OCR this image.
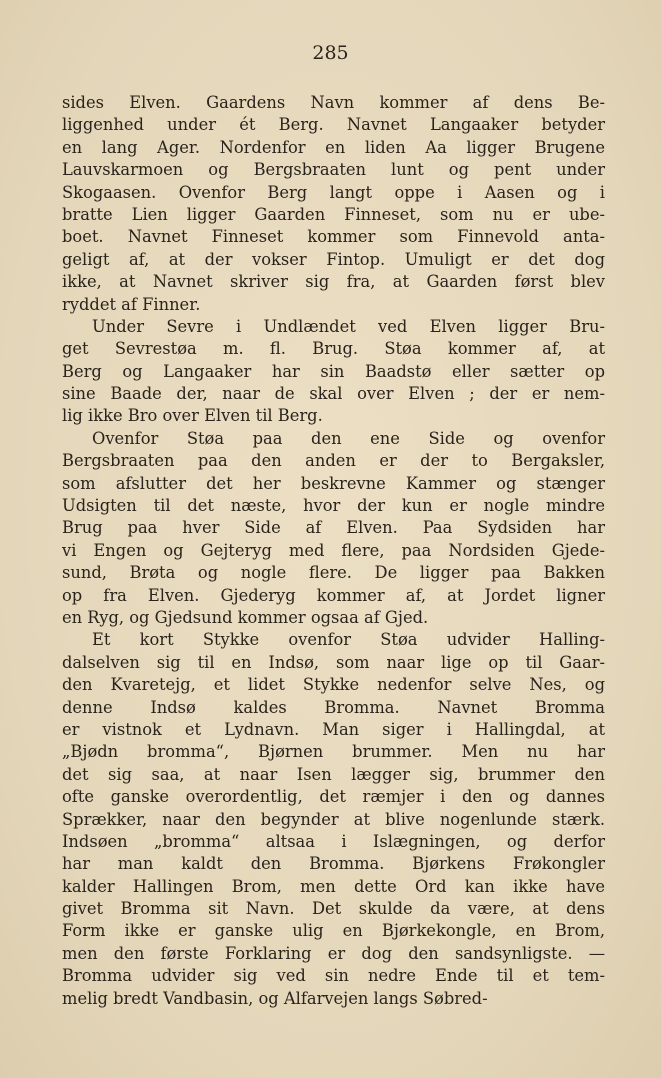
285
sides Elven. Gaardens Navn kommer af dens Be-
liggenhed under ét Berg. Navnet Langaaker betyder
en lang Ager. Nordenfor en liden Aa ligger Brugene
Lauvskarmoen og Bergsbraaten lunt og pent under
Skogaasen. Ovenfor Berg langt oppe i Aasen og i
bratte Lien ligger Gaarden Finneset, som nu er ube-
boet. Navnet Finneset kommer som Finnevold anta-
geligt af, at der vokser Fintop. Umuligt er det dog
ikke, at Navnet skriver sig fra, at Gaarden først blev
ryddet af Finner.
Under Sevre i Undlændet ved Elven ligger Bru-
get Sevrestøa m. fl. Brug. Støa kommer af, at
Berg og Langaaker har sin Baadstø eller sætter op
sine Baade der, naar de skal over Elven ; der er nem-
lig ikke Bro over Elven til Berg.
Ovenfor Støa paa den ene Side og ovenfor
Bergsbraaten paa den anden er der to Bergaksler,
som afslutter det her beskrevne Kammer og stænger
Udsigten til det næste, hvor der kun er nogle mindre
Brug paa hver Side af Elven. Paa Sydsiden har
vi Engen og Gejteryg med flere, paa Nordsiden Gjede-
sund, Brøta og nogle flere. De ligger paa Bakken
op fra Elven. Gjederyg kommer af, at Jordet ligner
en Ryg, og Gjedsund kommer ogsaa af Gjed.
Et kort Stykke ovenfor Støa udvider Halling-
dalselven sig til en Indsø, som naar lige op til Gaar-
den Kvaretejg, et lidet Stykke nedenfor selve Nes, og
denne Indsø kaldes Bromma. Navnet Bromma
er vistnok et Lydnavn. Man siger i Hallingdal, at
„Bjødn bromma“, Bjørnen brummer. Men nu har
det sig saa, at naar Isen lægger sig, brummer den
ofte ganske overordentlig, det ræmjer i den og dannes
Sprækker, naar den begynder at blive nogenlunde stærk.
Indsøen „bromma“ altsaa i Islægningen, og derfor
har man kaldt den Bromma. Bjørkens Frøkongler
kalder Hallingen Brom, men dette Ord kan ikke have
givet Bromma sit Navn. Det skulde da være, at dens
Form ikke er ganske ulig en Bjørkekongle, en Brom,
men den første Forklaring er dog den sandsynligste. —
Bromma udvider sig ved sin nedre Ende til et tem-
melig bredt Vandbasin, og Alfarvejen langs Søbred-
